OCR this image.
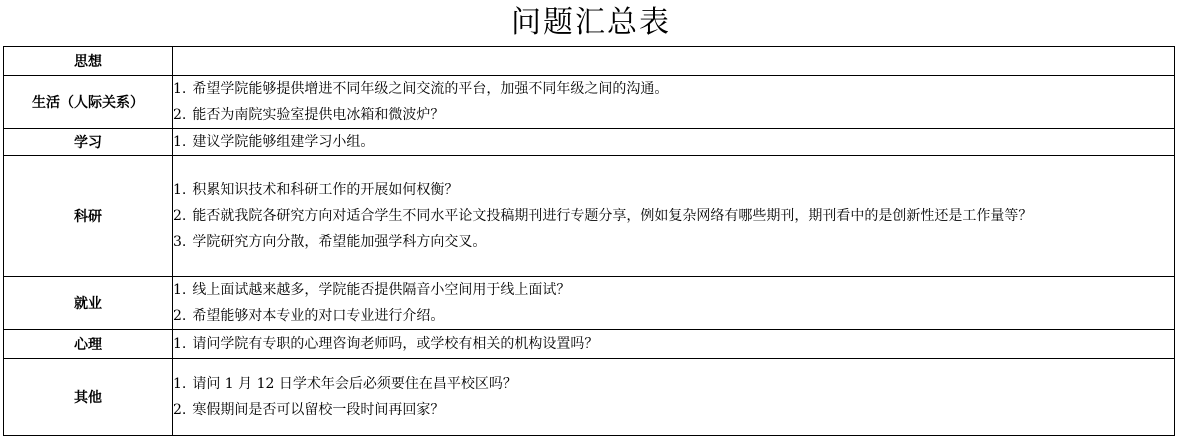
问题汇总表
思想	
生活（人际关系）	1. 希望学院能够提供增进不同年级之间交流的平台，加强不同年级之间的沟通。
2. 能否为南院实验室提供电冰箱和微波炉？

学习	1. 建议学院能够组建学习小组。

科研	1. 积累知识技术和科研工作的开展如何权衡？
2. 能否就我院各研究方向对适合学生不同水平论文投稿期刊进行专题分享，例如复杂网络有哪些期刊，期刊看中的是创新性还是工作量等？
3. 学院研究方向分散，希望能加强学科方向交叉。

就业	1. 线上面试越来越多，学院能否提供隔音小空间用于线上面试？
2. 希望能够对本专业的对口专业进行介绍。

心理	1. 请问学院有专职的心理咨询老师吗，或学校有相关的机构设置吗？

其他	1. 请问 1 月 12 日学术年会后必须要住在昌平校区吗？
2. 寒假期间是否可以留校一段时间再回家？
